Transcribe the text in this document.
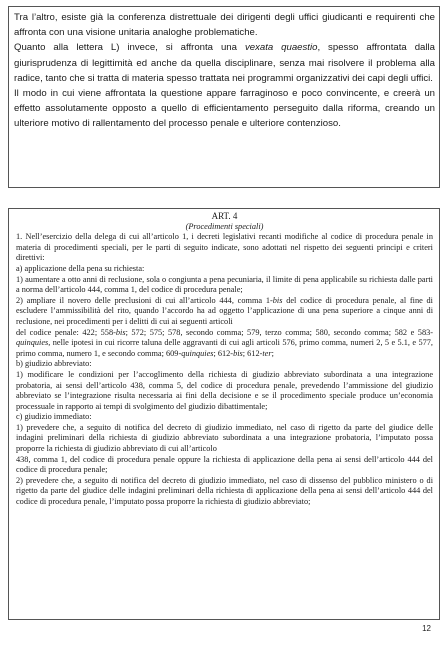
Tra l’altro, esiste già la conferenza distrettuale dei dirigenti degli uffici giudicanti e requirenti che affronta con una visione unitaria analoghe problematiche.

Quanto alla lettera L) invece, si affronta una vexata quaestio, spesso affrontata dalla giurisprudenza di legittimità ed anche da quella disciplinare, senza mai risolvere il problema alla radice, tanto che si tratta di materia spesso trattata nei programmi organizzativi dei capi degli uffici.

Il modo in cui viene affrontata la questione appare farraginoso e poco convincente, e creerà un effetto assolutamente opposto a quello di efficientamento perseguito dalla riforma, creando un ulteriore motivo di rallentamento del processo penale e ulteriore contenzioso.

ART. 4

(Procedimenti speciali)

1. Nell’esercizio della delega di cui all’articolo 1, i decreti legislativi recanti modifiche al codice di procedura penale in materia di procedimenti speciali, per le parti di seguito indicate, sono adottati nel rispetto dei seguenti principi e criteri direttivi:

a) applicazione della pena su richiesta:

1) aumentare a otto anni di reclusione, sola o congiunta a pena pecuniaria, il limite di pena applicabile su richiesta dalle parti a norma dell’articolo 444, comma 1, del codice di procedura penale;

2) ampliare il novero delle preclusioni di cui all’articolo 444, comma 1-bis del codice di procedura penale, al fine di escludere l’ammissibilità del rito, quando l’accordo ha ad oggetto l’applicazione di una pena superiore a cinque anni di reclusione, nei procedimenti per i delitti di cui ai seguenti articoli

del codice penale: 422; 558-bis; 572; 575; 578, secondo comma; 579, terzo comma; 580, secondo comma; 582 e 583-quinquies, nelle ipotesi in cui ricorre taluna delle aggravanti di cui agli articoli 576, primo comma, numeri 2, 5 e 5.1, e 577, primo comma, numero 1, e secondo comma; 609-quinquies; 612-bis; 612-ter;

b) giudizio abbreviato:

1) modificare le condizioni per l’accoglimento della richiesta di giudizio abbreviato subordinata a una integrazione probatoria, ai sensi dell’articolo 438, comma 5, del codice di procedura penale, prevedendo l’ammissione del giudizio abbreviato se l’integrazione risulta necessaria ai fini della decisione e se il procedimento speciale produce un’economia processuale in rapporto ai tempi di svolgimento del giudizio dibattimentale;

c) giudizio immediato:

1) prevedere che, a seguito di notifica del decreto di giudizio immediato, nel caso di rigetto da parte del giudice delle indagini preliminari della richiesta di giudizio abbreviato subordinata a una integrazione probatoria, l’imputato possa proporre la richiesta di giudizio abbreviato di cui all’articolo

438, comma 1, del codice di procedura penale oppure la richiesta di applicazione della pena ai sensi dell’articolo 444 del codice di procedura penale;

2) prevedere che, a seguito di notifica del decreto di giudizio immediato, nel caso di dissenso del pubblico ministero o di rigetto da parte del giudice delle indagini preliminari della richiesta di applicazione della pena ai sensi dell’articolo 444 del codice di procedura penale, l’imputato possa proporre la richiesta di giudizio abbreviato;

12
